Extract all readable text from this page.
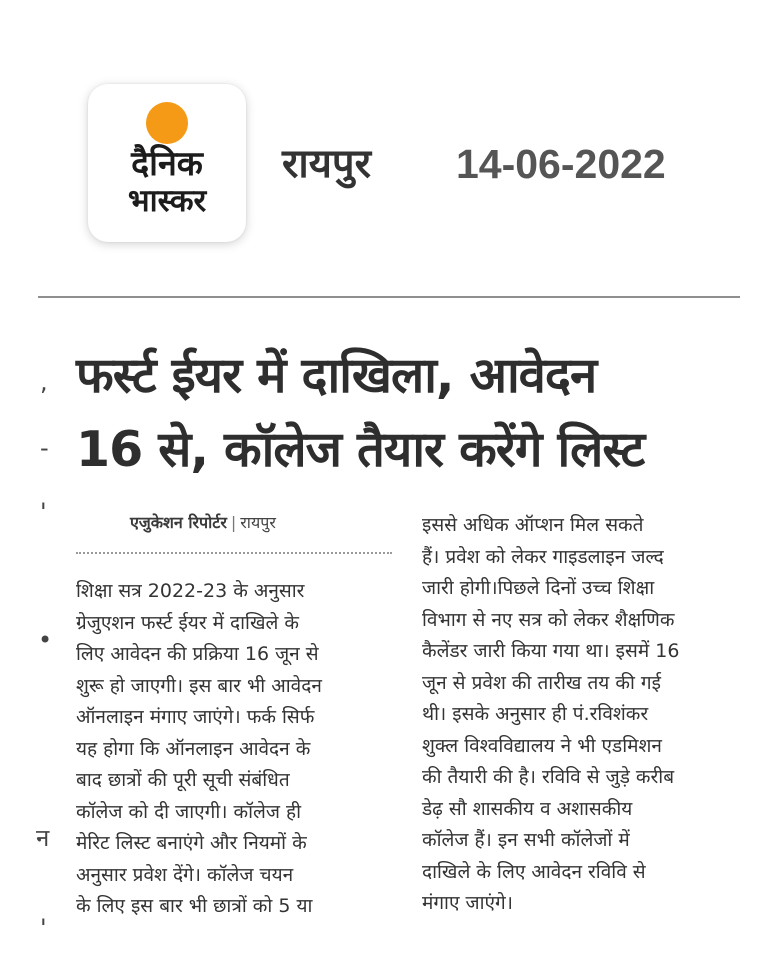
दैनिक
भास्कर
रायपुर 14-06-2022
,
-
'
•
न
'
फर्स्ट ईयर में दाखिला, आवेदन
16 से, कॉलेज तैयार करेंगे लिस्ट
एजुकेशन रिपोर्टर | रायपुर
शिक्षा सत्र 2022-23 के अनुसार
ग्रेजुएशन फर्स्ट ईयर में दाखिले के
लिए आवेदन की प्रक्रिया 16 जून से
शुरू हो जाएगी। इस बार भी आवेदन
ऑनलाइन मंगाए जाएंगे। फर्क सिर्फ
यह होगा कि ऑनलाइन आवेदन के
बाद छात्रों की पूरी सूची संबंधित
कॉलेज को दी जाएगी। कॉलेज ही
मेरिट लिस्ट बनाएंगे और नियमों के
अनुसार प्रवेश देंगे। कॉलेज चयन
के लिए इस बार भी छात्रों को 5 या
इससे अधिक ऑप्शन मिल सकते
हैं। प्रवेश को लेकर गाइडलाइन जल्द
जारी होगी।पिछले दिनों उच्च शिक्षा
विभाग से नए सत्र को लेकर शैक्षणिक
कैलेंडर जारी किया गया था। इसमें 16
जून से प्रवेश की तारीख तय की गई
थी। इसके अनुसार ही पं.रविशंकर
शुक्ल विश्वविद्यालय ने भी एडमिशन
की तैयारी की है। रविवि से जुड़े करीब
डेढ़ सौ शासकीय व अशासकीय
कॉलेज हैं। इन सभी कॉलेजों में
दाखिले के लिए आवेदन रविवि से
मंगाए जाएंगे।
